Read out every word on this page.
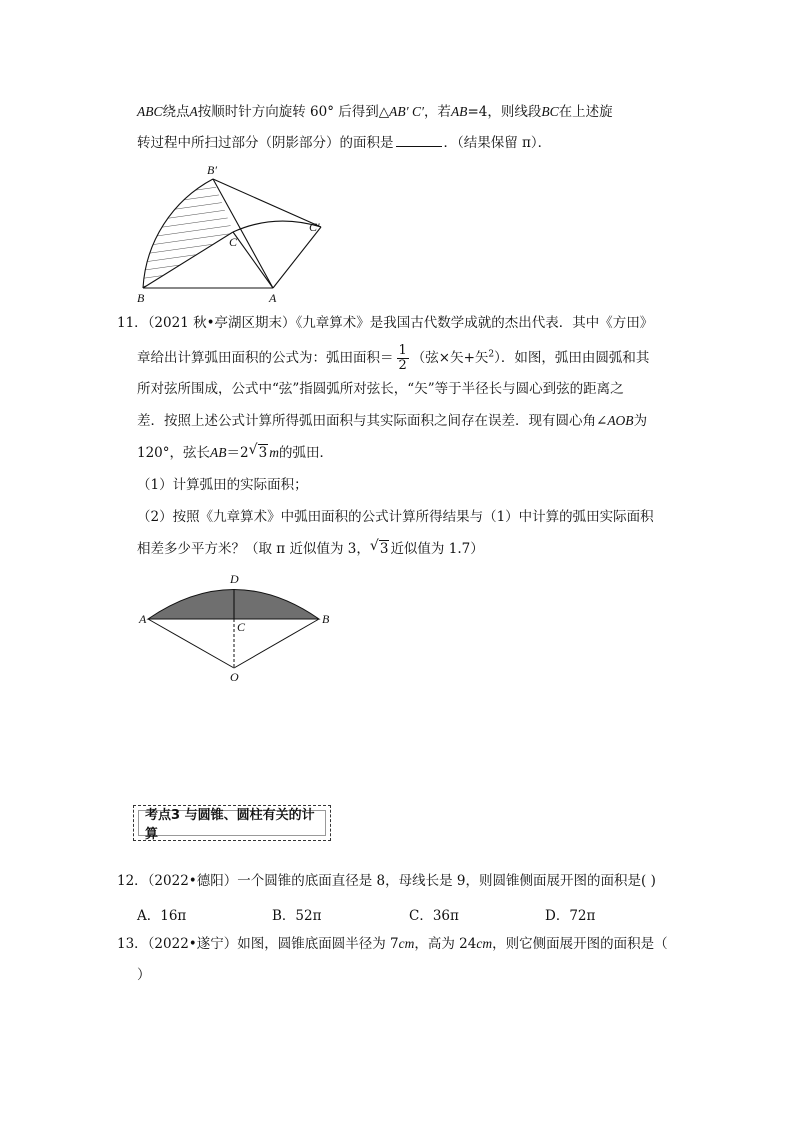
ABC绕点A按顺时针方向旋转 60° 后得到△AB′ C′，若AB=4，则线段BC在上述旋
转过程中所扫过部分（阴影部分）的面积是	．（结果保留 π）．
B′
C′
C
B	A
11．（2021 秋•亭湖区期末）《九章算术》是我国古代数学成就的杰出代表．其中《方田》
章给出计算弧田面积的公式为：弧田面积＝ $\frac{1}{2}$ （弦×矢+矢$^2$）．如图，弧田由圆弧和其
所对弦所围成，公式中“弦”指圆弧所对弦长，“矢”等于半径长与圆心到弦的距离之
差．按照上述公式计算所得弧田面积与其实际面积之间存在误差．现有圆心角∠AOB为
120°，弦长AB＝2 √ 3 m的弧田．
（1）计算弧田的实际面积；
（2）按照《九章算术》中弧田面积的公式计算所得结果与（1）中计算的弧田实际面积
相差多少平方米？（取 π 近似值为 3， √ 3 近似值为 1.7）
D
A
C
B
O
考点3 与圆锥、圆柱有关的计算
12．（2022•德阳）一个圆锥的底面直径是 8，母线长是 9，则圆锥侧面展开图的面积是( )
A．16π	B．52π	C．36π	D．72π
13．（2022•遂宁）如图，圆锥底面圆半径为 7cm，高为 24cm，则它侧面展开图的面积是（
）
